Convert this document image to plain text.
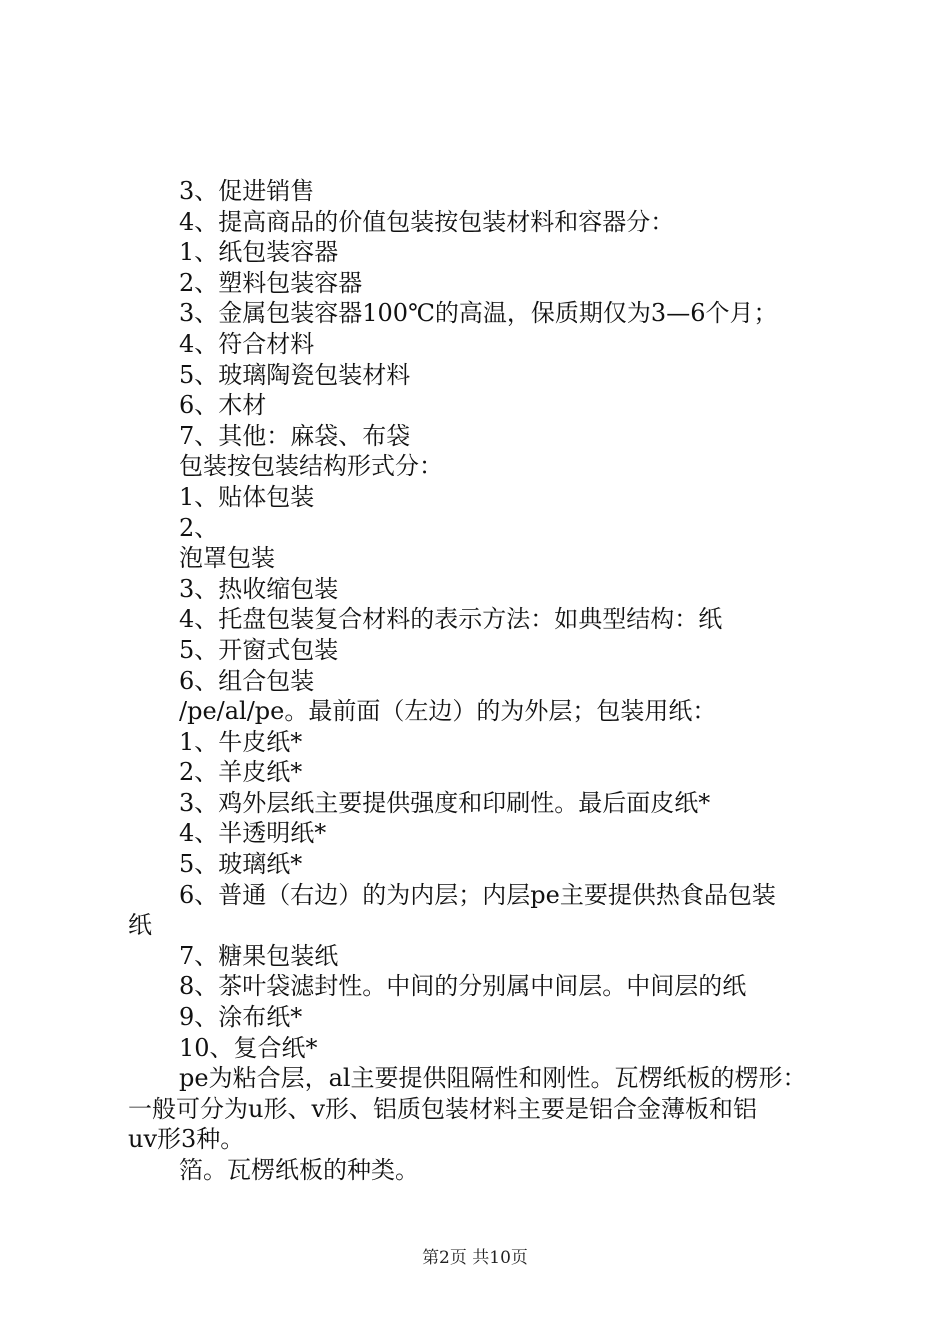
3、促进销售
4、提高商品的价值包装按包装材料和容器分：
1、纸包装容器
2、塑料包装容器
3、金属包装容器100℃的高温，保质期仅为3—6个月；
4、符合材料
5、玻璃陶瓷包装材料
6、木材
7、其他：麻袋、布袋
包装按包装结构形式分：
1、贴体包装
2、
泡罩包装
3、热收缩包装
4、托盘包装复合材料的表示方法：如典型结构：纸
5、开窗式包装
6、组合包装
/pe/al/pe。最前面（左边）的为外层；包装用纸：
1、牛皮纸*
2、羊皮纸*
3、鸡外层纸主要提供强度和印刷性。最后面皮纸*
4、半透明纸*
5、玻璃纸*
6、普通（右边）的为内层；内层pe主要提供热食品包装
纸
7、糖果包装纸
8、茶叶袋滤封性。中间的分别属中间层。中间层的纸
9、涂布纸*
10、复合纸*
pe为粘合层，al主要提供阻隔性和刚性。瓦楞纸板的楞形：
一般可分为u形、v形、铝质包装材料主要是铝合金薄板和铝
uv形3种。
箔。瓦楞纸板的种类。
第2页 共10页
